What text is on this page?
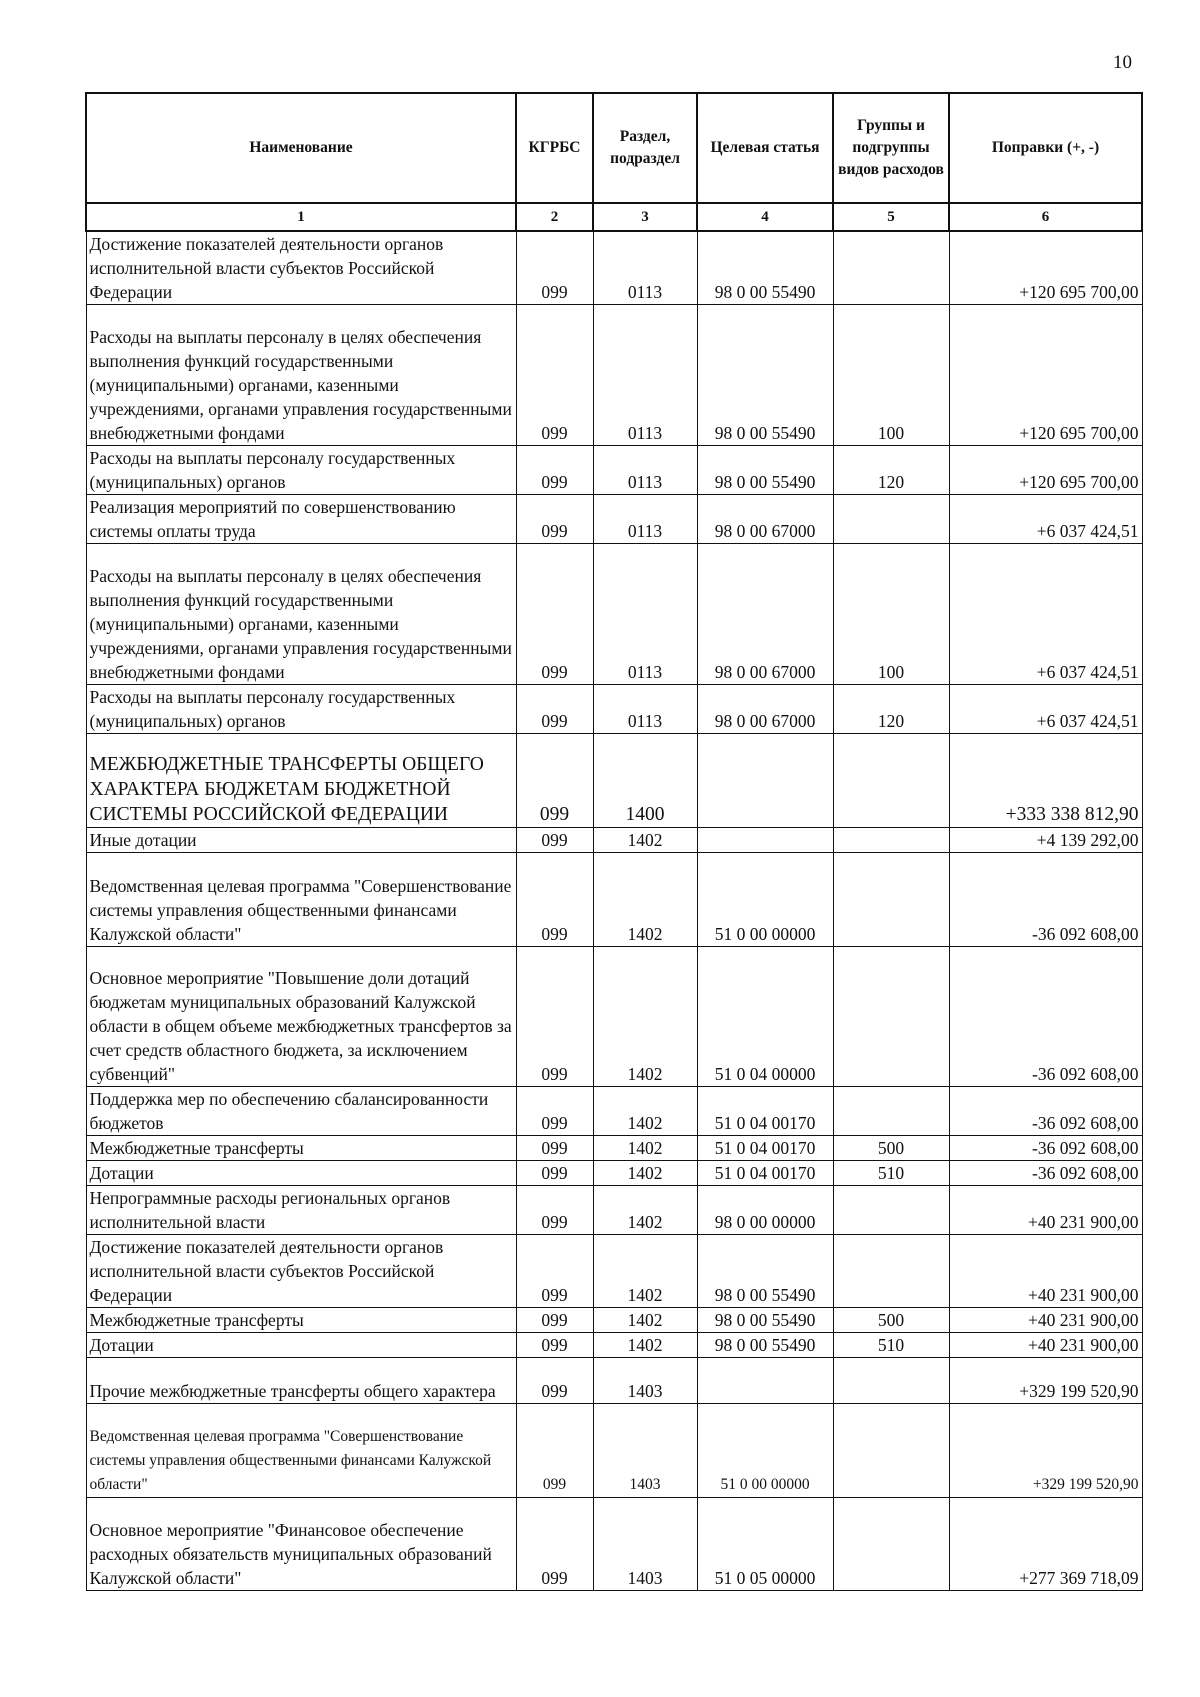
10
Наименование	КГРБС	Раздел, подраздел	Целевая статья	Группы и подгруппы видов расходов	Поправки (+, -)
1	2	3	4	5	6
Достижение показателей деятельности органов исполнительной власти субъектов Российской Федерации	099	0113	98 0 00 55490		+120 695 700,00
Расходы на выплаты персоналу в целях обеспечения выполнения функций государственными (муниципальными) органами, казенными учреждениями, органами управления государственными внебюджетными фондами	099	0113	98 0 00 55490	100	+120 695 700,00
Расходы на выплаты персоналу государственных (муниципальных) органов	099	0113	98 0 00 55490	120	+120 695 700,00
Реализация мероприятий по совершенствованию системы оплаты труда	099	0113	98 0 00 67000		+6 037 424,51
Расходы на выплаты персоналу в целях обеспечения выполнения функций государственными (муниципальными) органами, казенными учреждениями, органами управления государственными внебюджетными фондами	099	0113	98 0 00 67000	100	+6 037 424,51
Расходы на выплаты персоналу государственных (муниципальных) органов	099	0113	98 0 00 67000	120	+6 037 424,51
МЕЖБЮДЖЕТНЫЕ ТРАНСФЕРТЫ ОБЩЕГО ХАРАКТЕРА БЮДЖЕТАМ БЮДЖЕТНОЙ СИСТЕМЫ РОССИЙСКОЙ ФЕДЕРАЦИИ	099	1400			+333 338 812,90
Иные дотации	099	1402			+4 139 292,00
Ведомственная целевая программа "Совершенствование системы управления общественными финансами Калужской области"	099	1402	51 0 00 00000		-36 092 608,00
Основное мероприятие "Повышение доли дотаций бюджетам муниципальных образований Калужской области в общем объеме межбюджетных трансфертов за счет средств областного бюджета, за исключением субвенций"	099	1402	51 0 04 00000		-36 092 608,00
Поддержка мер по обеспечению сбалансированности бюджетов	099	1402	51 0 04 00170		-36 092 608,00
Межбюджетные трансферты	099	1402	51 0 04 00170	500	-36 092 608,00
Дотации	099	1402	51 0 04 00170	510	-36 092 608,00
Непрограммные расходы региональных органов исполнительной власти	099	1402	98 0 00 00000		+40 231 900,00
Достижение показателей деятельности органов исполнительной власти субъектов Российской Федерации	099	1402	98 0 00 55490		+40 231 900,00
Межбюджетные трансферты	099	1402	98 0 00 55490	500	+40 231 900,00
Дотации	099	1402	98 0 00 55490	510	+40 231 900,00
Прочие межбюджетные трансферты общего характера	099	1403			+329 199 520,90
Ведомственная целевая программа "Совершенствование системы управления общественными финансами Калужской области"	099	1403	51 0 00 00000		+329 199 520,90
Основное мероприятие "Финансовое обеспечение расходных обязательств муниципальных образований Калужской области"	099	1403	51 0 05 00000		+277 369 718,09
